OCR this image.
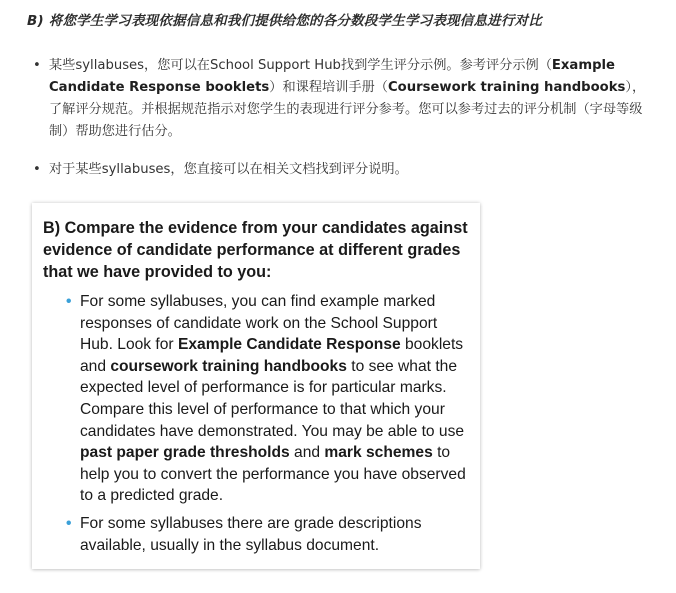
B) 将您学生学习表现依据信息和我们提供给您的各分数段学生学习表现信息进行对比
• 某些syllabuses，您可以在School Support Hub找到学生评分示例。参考评分示例（Example Candidate Response booklets）和课程培训手册（Coursework training handbooks），了解评分规范。并根据规范指示对您学生的表现进行评分参考。您可以参考过去的评分机制（字母等级制）帮助您进行估分。
• 对于某些syllabuses，您直接可以在相关文档找到评分说明。
B) Compare the evidence from your candidates against evidence of candidate performance at different grades that we have provided to you:
• For some syllabuses, you can find example marked responses of candidate work on the School Support Hub. Look for Example Candidate Response booklets and coursework training handbooks to see what the expected level of performance is for particular marks. Compare this level of performance to that which your candidates have demonstrated. You may be able to use past paper grade thresholds and mark schemes to help you to convert the performance you have observed to a predicted grade.
• For some syllabuses there are grade descriptions available, usually in the syllabus document.
